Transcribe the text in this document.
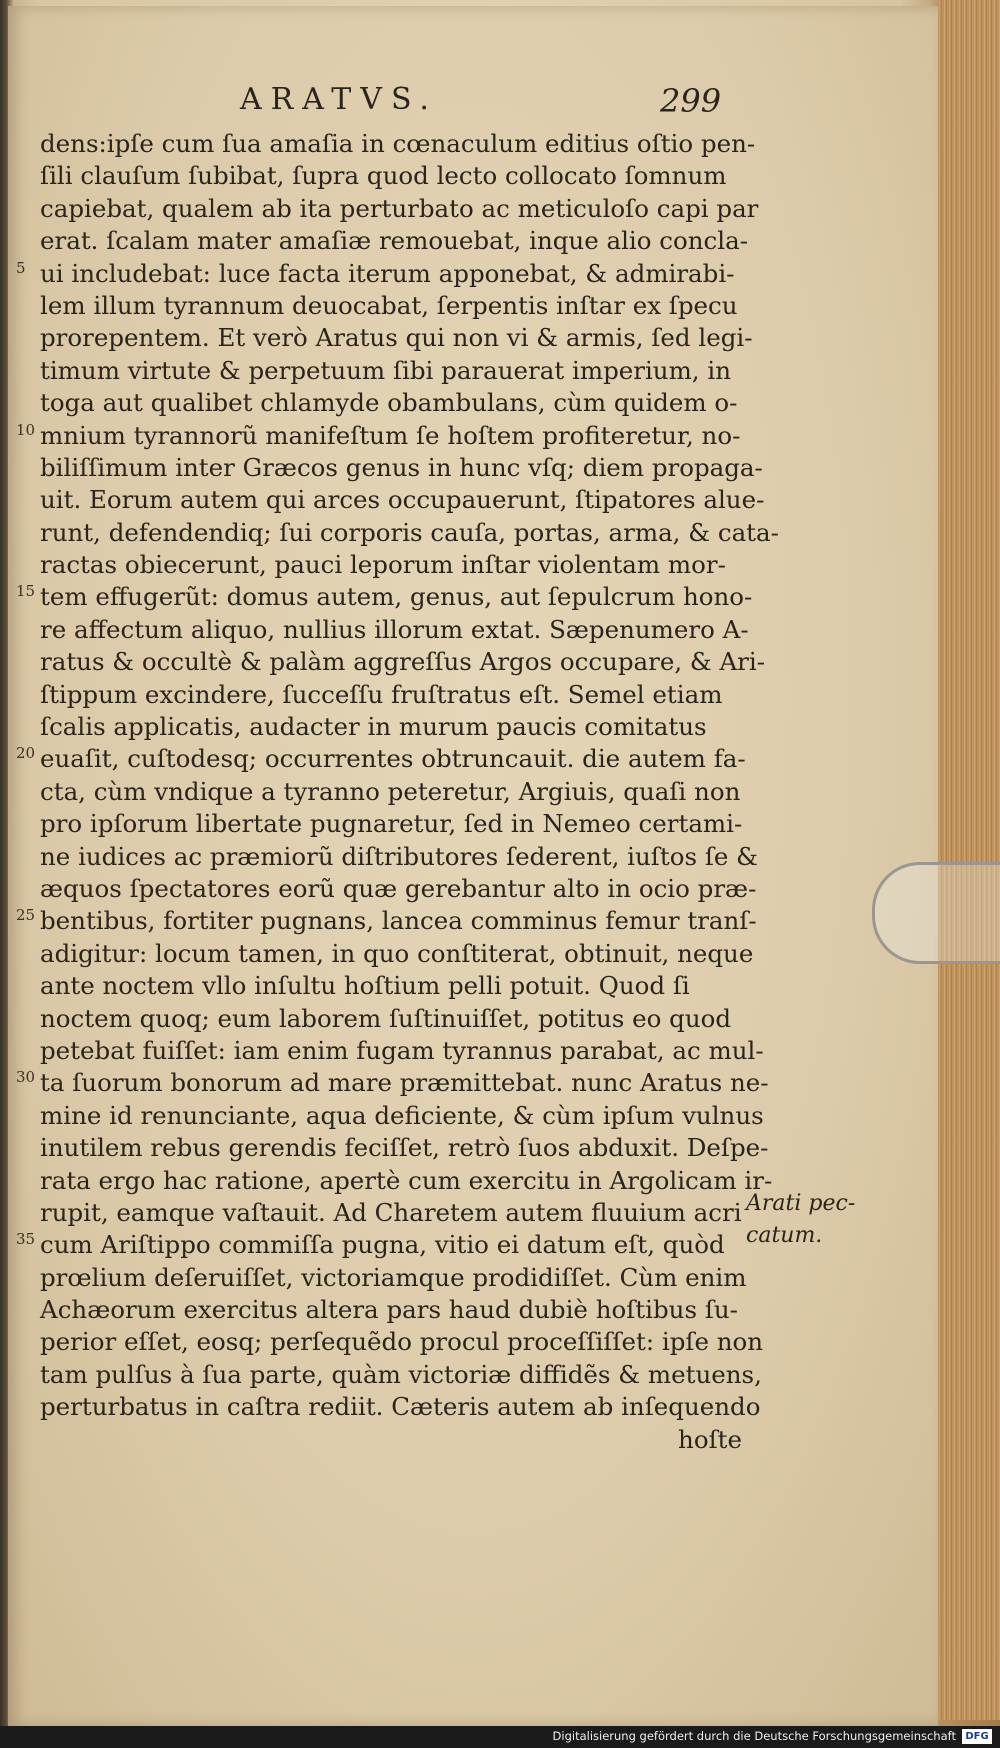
ARATVS.	299
dens:ipſe cum ſua amaſia in cœnaculum editius oſtio pen-
ſili clauſum ſubibat, ſupra quod lecto collocato ſomnum
capiebat, qualem ab ita perturbato ac meticuloſo capi par
erat. ſcalam mater amaſiæ remouebat, inque alio concla-
ui includebat: luce facta iterum apponebat, & admirabi-
5
lem illum tyrannum deuocabat, ſerpentis inſtar ex ſpecu
prorepentem. Et verò Aratus qui non vi & armis, ſed legi-
timum virtute & perpetuum ſibi parauerat imperium, in
toga aut qualibet chlamyde obambulans, cùm quidem o-
mnium tyrannorũ manifeſtum ſe hoſtem profiteretur, no-
10
biliſſimum inter Græcos genus in hunc vſq; diem propaga-
uit. Eorum autem qui arces occupauerunt, ſtipatores alue-
runt, defendendiq; ſui corporis cauſa, portas, arma, & cata-
ractas obiecerunt, pauci leporum inſtar violentam mor-
tem effugerũt: domus autem, genus, aut ſepulcrum hono-
15
re affectum aliquo, nullius illorum extat. Sæpenumero A-
ratus & occultè & palàm aggreſſus Argos occupare, & Ari-
ſtippum excindere, ſucceſſu fruſtratus eſt. Semel etiam
ſcalis applicatis, audacter in murum paucis comitatus
euaſit, cuſtodesq; occurrentes obtruncauit. die autem fa-
20
cta, cùm vndique a tyranno peteretur, Argiuis, quaſi non
pro ipſorum libertate pugnaretur, ſed in Nemeo certami-
ne iudices ac præmiorũ diſtributores ſederent, iuſtos ſe &
æquos ſpectatores eorũ quæ gerebantur alto in ocio præ-
bentibus, fortiter pugnans, lancea comminus femur tranſ-
25
adigitur: locum tamen, in quo conſtiterat, obtinuit, neque
ante noctem vllo inſultu hoſtium pelli potuit. Quod ſi
noctem quoq; eum laborem ſuſtinuiſſet, potitus eo quod
petebat fuiſſet: iam enim fugam tyrannus parabat, ac mul-
ta ſuorum bonorum ad mare præmittebat. nunc Aratus ne-
30
mine id renunciante, aqua deficiente, & cùm ipſum vulnus
inutilem rebus gerendis feciſſet, retrò ſuos abduxit. Deſpe-
rata ergo hac ratione, apertè cum exercitu in Argolicam ir-
rupit, eamque vaſtauit. Ad Charetem autem fluuium acri
cum Ariſtippo commiſſa pugna, vitio ei datum eſt, quòd
35
prœlium deſeruiſſet, victoriamque prodidiſſet. Cùm enim
Achæorum exercitus altera pars haud dubiè hoſtibus ſu-
perior eſſet, eosq; perſequẽdo procul proceſſiſſet: ipſe non
tam pulſus à ſua parte, quàm victoriæ diffidẽs & metuens,
perturbatus in caſtra rediit. Cæteris autem ab inſequendo
hoſte
Arati pec-
catum.
Digitalisierung gefördert durch die Deutsche Forschungsgemeinschaft DFG
